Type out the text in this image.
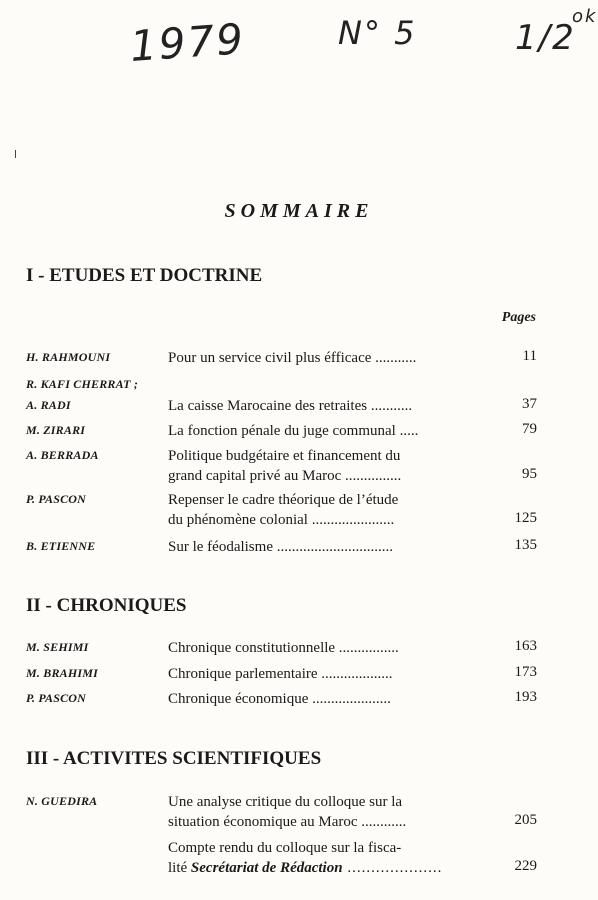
1979	N° 5	1/2
ok
SOMMAIRE
I - ETUDES ET DOCTRINE
Pages
H. RAHMOUNI	Pour un service civil plus éfficace ...........	11
R. KAFI CHERRAT ;
A. RADI	La caisse Marocaine des retraites ...........	37
M. ZIRARI	La fonction pénale du juge communal .....	79
A. BERRADA	Politique budgétaire et financement du
grand capital privé au Maroc ...............	95
P. PASCON	Repenser le cadre théorique de l’étude
du phénomène colonial ......................	125
B. ETIENNE	Sur le féodalisme ...............................	135
II - CHRONIQUES
M. SEHIMI	Chronique constitutionnelle ................	163
M. BRAHIMI	Chronique parlementaire ...................	173
P. PASCON	Chronique économique .....................	193
III - ACTIVITES SCIENTIFIQUES
N. GUEDIRA	Une analyse critique du colloque sur la
situation économique au Maroc ............	205
Compte rendu du colloque sur la fisca-
lité Secrétariat de Rédaction ....................	229
